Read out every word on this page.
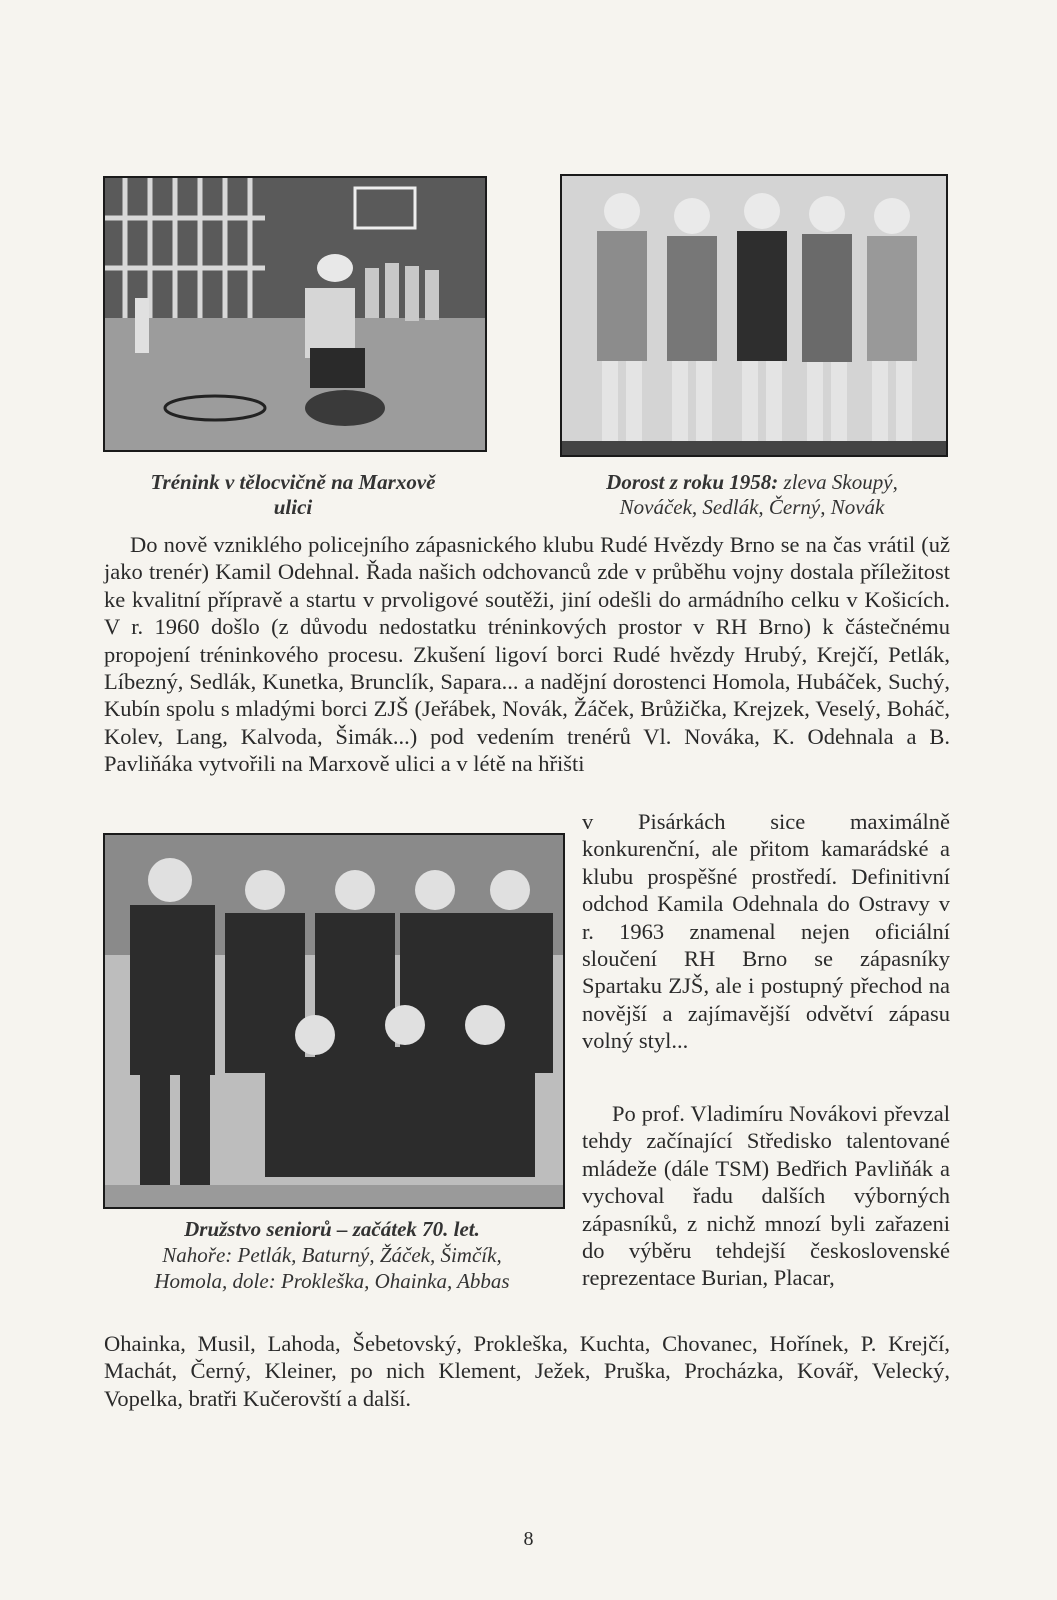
Trénink v tělocvičně na Marxově
ulici
Dorost z roku 1958: zleva Skoupý,
Nováček, Sedlák, Černý, Novák

Do nově vzniklého policejního zápasnického klubu Rudé Hvězdy Brno se na čas vrátil (už jako trenér) Kamil Odehnal. Řada našich odchovanců zde v průběhu vojny dostala příležitost ke kvalitní přípravě a startu v prvoligové soutěži, jiní odešli do armádního celku v Košicích. V r. 1960 došlo (z důvodu nedostatku tréninkových prostor v RH Brno) k částečnému propojení tréninkového procesu. Zkušení ligoví borci Rudé hvězdy Hrubý, Krejčí, Petlák, Líbezný, Sedlák, Kunetka, Brunclík, Sapara... a nadějní dorostenci Homola, Hubáček, Suchý, Kubín spolu s mladými borci ZJŠ (Jeřábek, Novák, Žáček, Brůžička, Krejzek, Veselý, Boháč, Kolev, Lang, Kalvoda, Šimák...) pod vedením trenérů Vl. Nováka, K. Odehnala a B. Pavliňáka vytvořili na Marxově ulici a v létě na hřišti

Družstvo seniorů – začátek 70. let.
Nahoře: Petlák, Baturný, Žáček, Šimčík,
Homola, dole: Prokleška, Ohainka, Abbas

v Pisárkách sice maximálně konkurenční, ale přitom kamarádské a klubu prospěšné prostředí. Definitivní odchod Kamila Odehnala do Ostravy v r. 1963 znamenal nejen oficiální sloučení RH Brno se zápasníky Spartaku ZJŠ, ale i postupný přechod na novější a zajímavější odvětví zápasu volný styl...

Po prof. Vladimíru Novákovi převzal tehdy začínající Středisko talentované mládeže (dále TSM) Bedřich Pavliňák a vychoval řadu dalších výborných zápasníků, z nichž mnozí byli zařazeni do výběru tehdejší československé reprezentace Burian, Placar,

Ohainka, Musil, Lahoda, Šebetovský, Prokleška, Kuchta, Chovanec, Hořínek, P. Krejčí, Machát, Černý, Kleiner, po nich Klement, Ježek, Pruška, Procházka, Kovář, Velecký, Vopelka, bratři Kučerovští a další.

8
